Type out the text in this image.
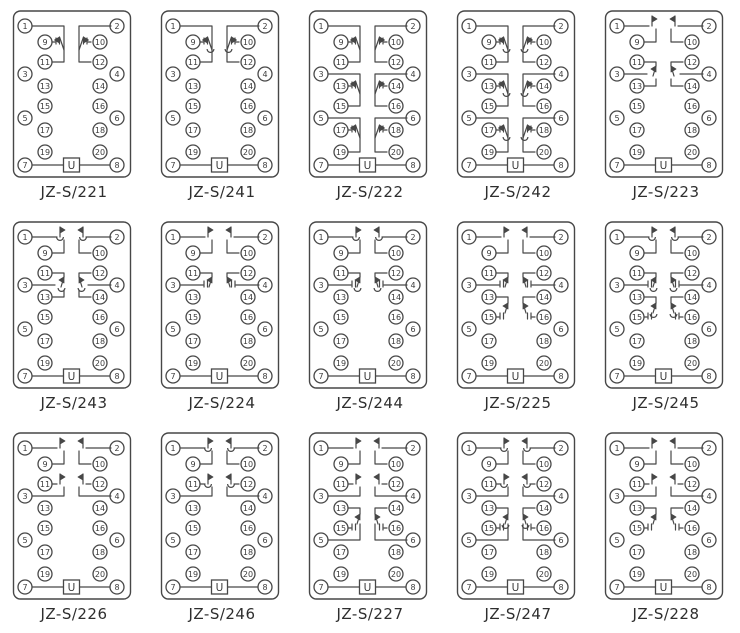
U
1	2
3	4
5	6
7	8
9	10
11	12
13	14
15	16
17	18
19	20
JZ-S/221
U
1	2
3	4
5	6
7	8
9	10
11	12
13	14
15	16
17	18
19	20
JZ-S/241
U
1	2
3	4
5	6
7	8
9	10
11	12
13	14
15	16
17	18
19	20
JZ-S/222
U
1	2
3	4
5	6
7	8
9	10
11	12
13	14
15	16
17	18
19	20
JZ-S/242
U
1	2
3	4
5	6
7	8
9	10
11	12
13	14
15	16
17	18
19	20
JZ-S/223
U
1	2
3	4
5	6
7	8
9	10
11	12
13	14
15	16
17	18
19	20
JZ-S/243
U
1	2
3	4
5	6
7	8
9	10
11	12
13	14
15	16
17	18
19	20
JZ-S/224
U
1	2
3	4
5	6
7	8
9	10
11	12
13	14
15	16
17	18
19	20
JZ-S/244
U
1	2
3	4
5	6
7	8
9	10
11	12
13	14
15	16
17	18
19	20
JZ-S/225
U
1	2
3	4
5	6
7	8
9	10
11	12
13	14
15	16
17	18
19	20
JZ-S/245
U
1	2
3	4
5	6
7	8
9	10
11	12
13	14
15	16
17	18
19	20
JZ-S/226
U
1	2
3	4
5	6
7	8
9	10
11	12
13	14
15	16
17	18
19	20
JZ-S/246
U
1	2
3	4
5	6
7	8
9	10
11	12
13	14
15	16
17	18
19	20
JZ-S/227
U
1	2
3	4
5	6
7	8
9	10
11	12
13	14
15	16
17	18
19	20
JZ-S/247
U
1	2
3	4
5	6
7	8
9	10
11	12
13	14
15	16
17	18
19	20
JZ-S/228
